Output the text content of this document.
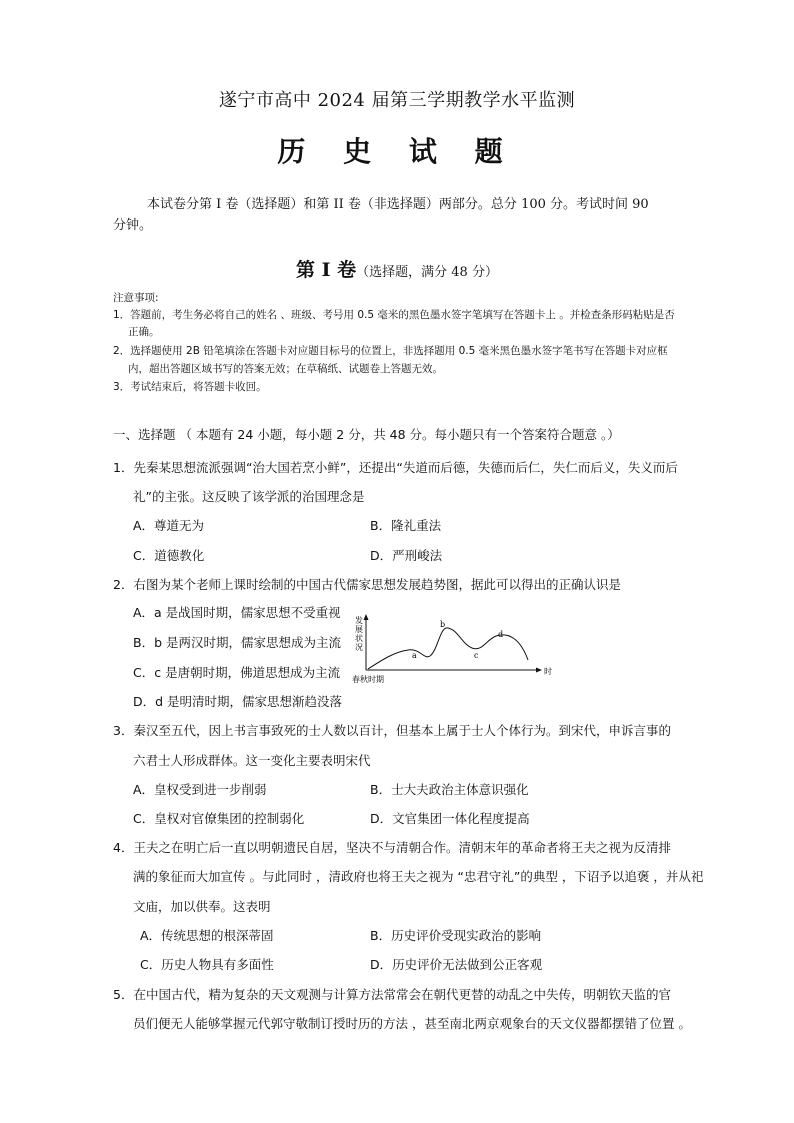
遂宁市高中 2024 届第三学期教学水平监测
历 史 试 题
本试卷分第 I 卷（选择题）和第 II 卷（非选择题）两部分。总分 100 分。考试时间 90
分钟。
第 Ⅰ 卷（选择题，满分 48 分）
注意事项:
1．答题前，考生务必将自己的姓名 、班级、考号用 0.5 毫米的黑色墨水签字笔填写在答题卡上 。并检查条形码粘贴是否
正确。
2．选择题使用 2B 铅笔填涂在答题卡对应题目标号的位置上，非选择题用 0.5 毫米黑色墨水签字笔书写在答题卡对应框
内，超出答题区域书写的答案无效；在草稿纸、试题卷上答题无效。
3．考试结束后，将答题卡收回。
一、选择题 （ 本题有 24 小题，每小题 2 分，共 48 分。每小题只有一个答案符合题意 。）
1．先秦某思想流派强调“治大国若烹小鲜”，还提出“失道而后德，失德而后仁，失仁而后义，失义而后
礼”的主张。这反映了该学派的治国理念是
A．尊道无为	B．隆礼重法
C．道德教化	D．严刑峻法
2．右图为某个老师上课时绘制的中国古代儒家思想发展趋势图，据此可以得出的正确认识是
A．a 是战国时期，儒家思想不受重视
B．b 是两汉时期，儒家思想成为主流
C．c 是唐朝时期，佛道思想成为主流
D．d 是明清时期，儒家思想渐趋没落
发 展 状 况
a
b
c
d
春秋时期
时
3．秦汉至五代，因上书言事致死的士人数以百计，但基本上属于士人个体行为。到宋代，申诉言事的
六君士人形成群体。这一变化主要表明宋代
A．皇权受到进一步削弱	B．士大夫政治主体意识强化
C．皇权对官僚集团的控制弱化	D．文官集团一体化程度提高
4．王夫之在明亡后一直以明朝遗民自居，坚决不与清朝合作。清朝末年的革命者将王夫之视为反清排
满的象征而大加宣传 。与此同时 ，清政府也将王夫之视为 “忠君守礼”的典型 ，下诏予以追褒 ，并从祀
文庙，加以供奉。这表明
A．传统思想的根深蒂固	B．历史评价受现实政治的影响
C．历史人物具有多面性	D．历史评价无法做到公正客观
5．在中国古代，精为复杂的天文观测与计算方法常常会在朝代更替的动乱之中失传，明朝钦天监的官
员们便无人能够掌握元代郭守敬制订授时历的方法 ，甚至南北两京观象台的天文仪器都摆错了位置 。
